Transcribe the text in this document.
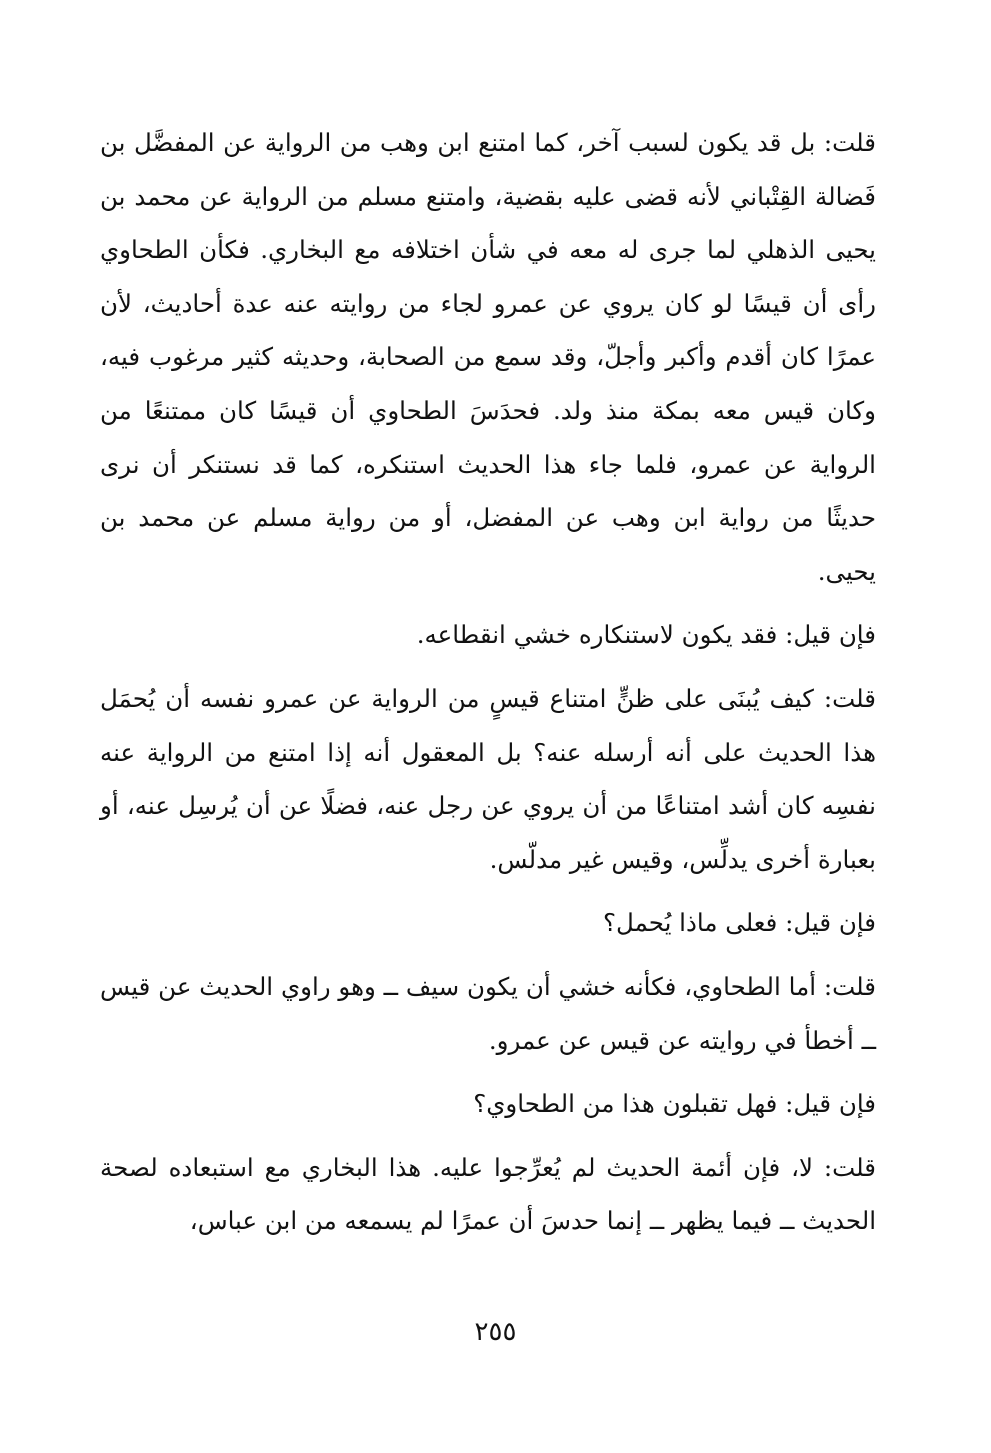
قلت: بل قد يكون لسبب آخر، كما امتنع ابن وهب من الرواية عن المفضَّل بن فَضالة القِتْباني لأنه قضى عليه بقضية، وامتنع مسلم من الرواية عن محمد بن يحيى الذهلي لما جرى له معه في شأن اختلافه مع البخاري. فكأن الطحاوي رأى أن قيسًا لو كان يروي عن عمرو لجاء من روايته عنه عدة أحاديث، لأن عمرًا كان أقدم وأكبر وأجلّ، وقد سمع من الصحابة، وحديثه كثير مرغوب فيه، وكان قيس معه بمكة منذ ولد. فحدَسَ الطحاوي أن قيسًا كان ممتنعًا من الرواية عن عمرو، فلما جاء هذا الحديث استنكره، كما قد نستنكر أن نرى حديثًا من رواية ابن وهب عن المفضل، أو من رواية مسلم عن محمد بن يحيى.

فإن قيل: فقد يكون لاستنكاره خشي انقطاعه.

قلت: كيف يُبنَى على ظنٍّ امتناع قيسٍ من الرواية عن عمرو نفسه أن يُحمَل هذا الحديث على أنه أرسله عنه؟ بل المعقول أنه إذا امتنع من الرواية عنه نفسِه كان أشد امتناعًا من أن يروي عن رجل عنه، فضلًا عن أن يُرسِل عنه، أو بعبارة أخرى يدلِّس، وقيس غير مدلّس.

فإن قيل: فعلى ماذا يُحمل؟

قلت: أما الطحاوي، فكأنه خشي أن يكون سيف ــ وهو راوي الحديث عن قيس ــ أخطأ في روايته عن قيس عن عمرو.

فإن قيل: فهل تقبلون هذا من الطحاوي؟

قلت: لا، فإن أئمة الحديث لم يُعرِّجوا عليه. هذا البخاري مع استبعاده لصحة الحديث ــ فيما يظهر ــ إنما حدسَ أن عمرًا لم يسمعه من ابن عباس،

٢٥٥
